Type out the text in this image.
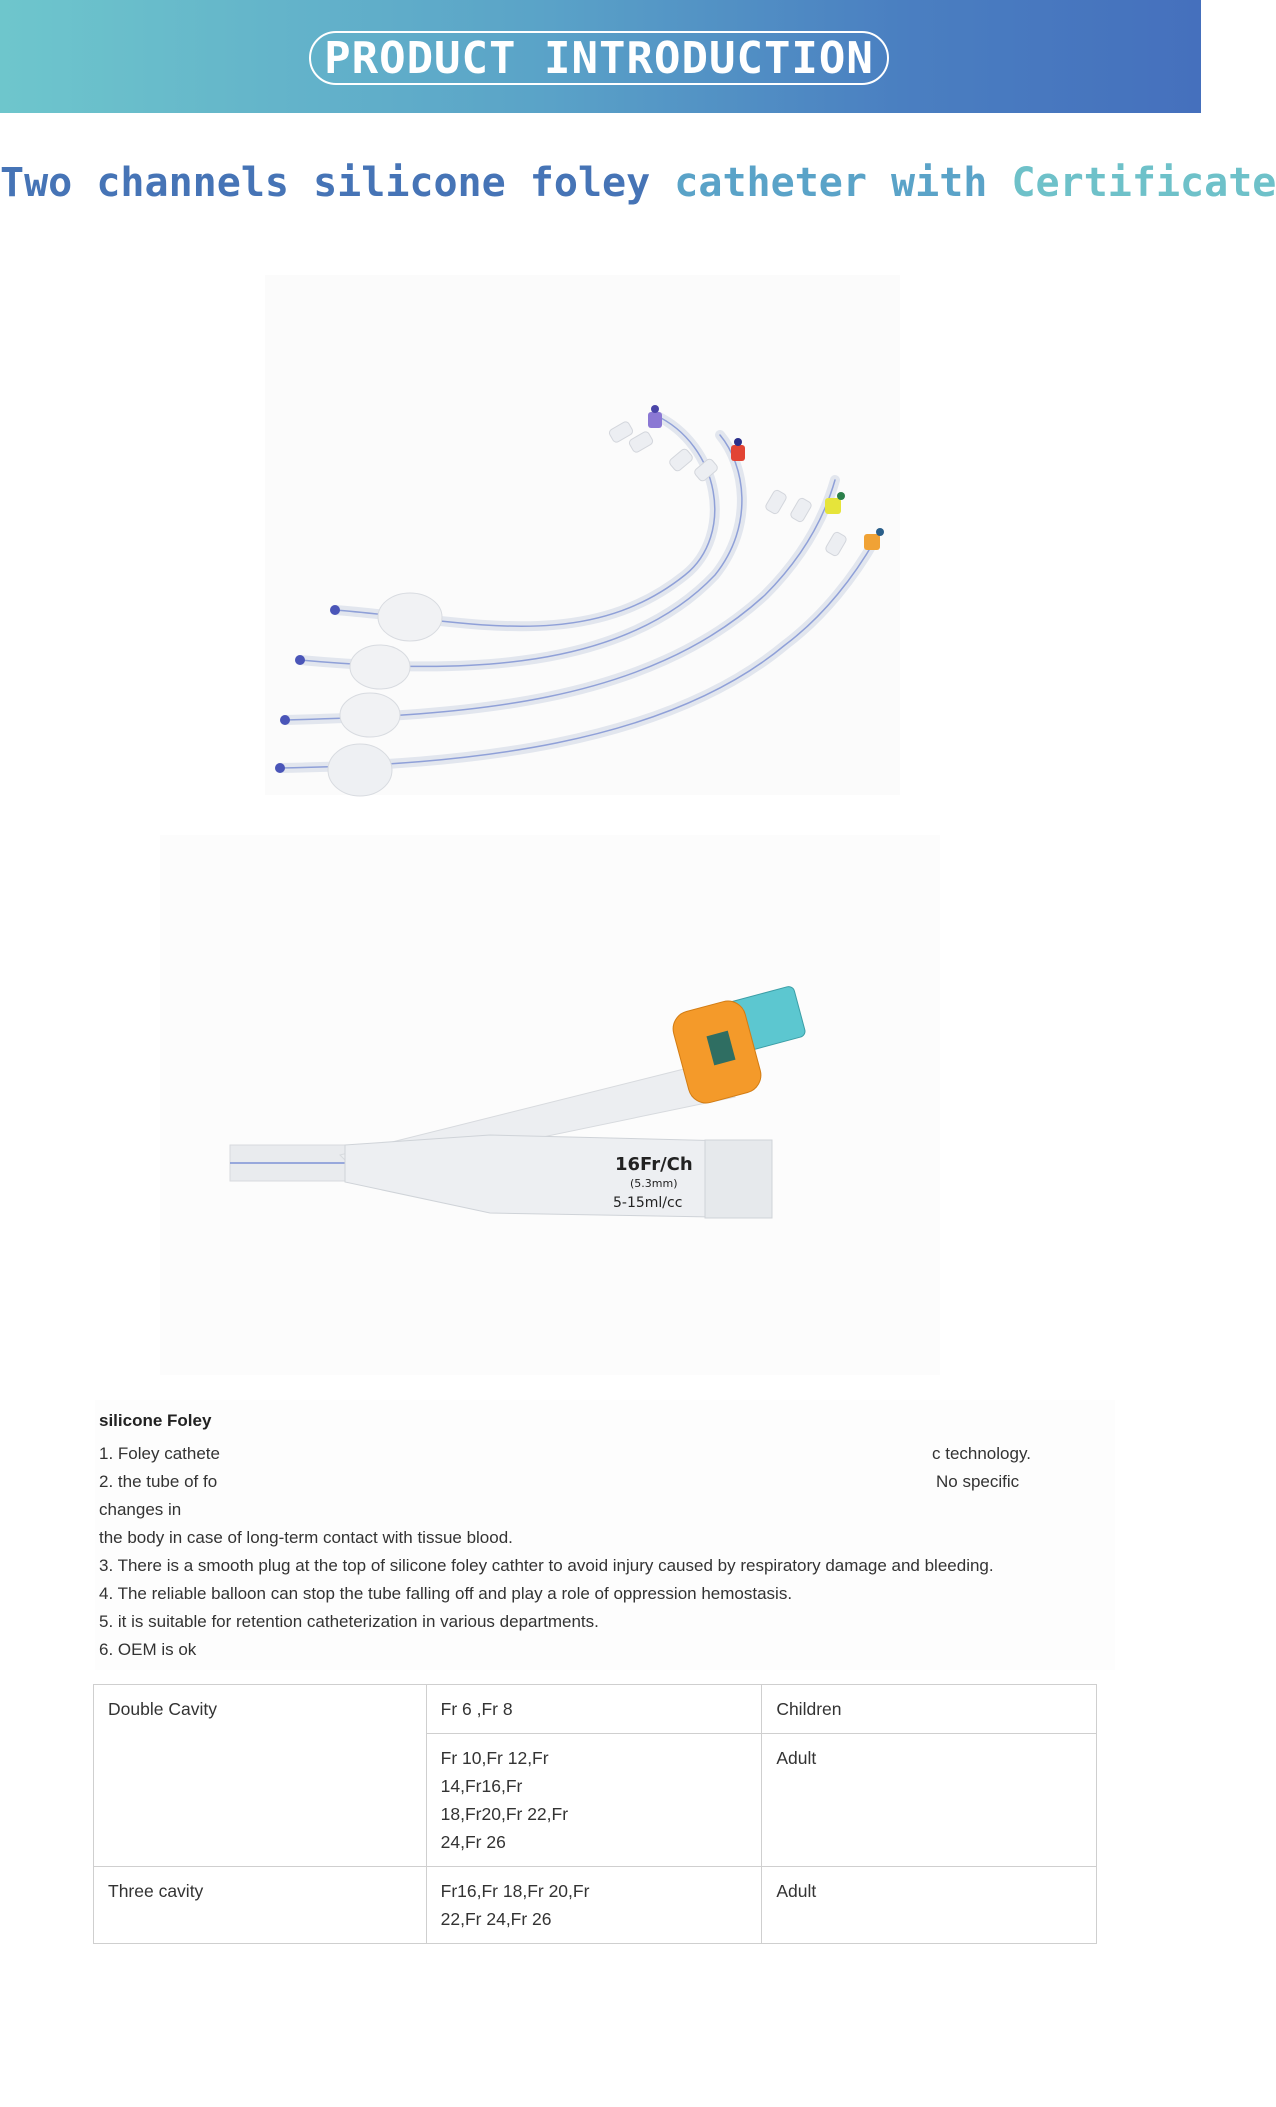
PRODUCT INTRODUCTION
Two channels silicone foley catheter with Certificate
16Fr/Ch
(5.3mm)
5-15ml/cc
silicone Foley
1. Foley cathete	c technology.
2. the tube of fo	No specific
changes in
the body in case of long-term contact with tissue blood.
3. There is a smooth plug at the top of silicone foley cathter to avoid injury caused by respiratory damage and bleeding.
4. The reliable balloon can stop the tube falling off and play a role of oppression hemostasis.
5. it is suitable for retention catheterization in various departments.
6. OEM is ok
Double Cavity	Fr 6 ,Fr 8	Children
	Fr 10,Fr 12,Fr
14,Fr16,Fr
18,Fr20,Fr 22,Fr
24,Fr 26	Adult
Three cavity	Fr16,Fr 18,Fr 20,Fr
22,Fr 24,Fr 26	Adult
